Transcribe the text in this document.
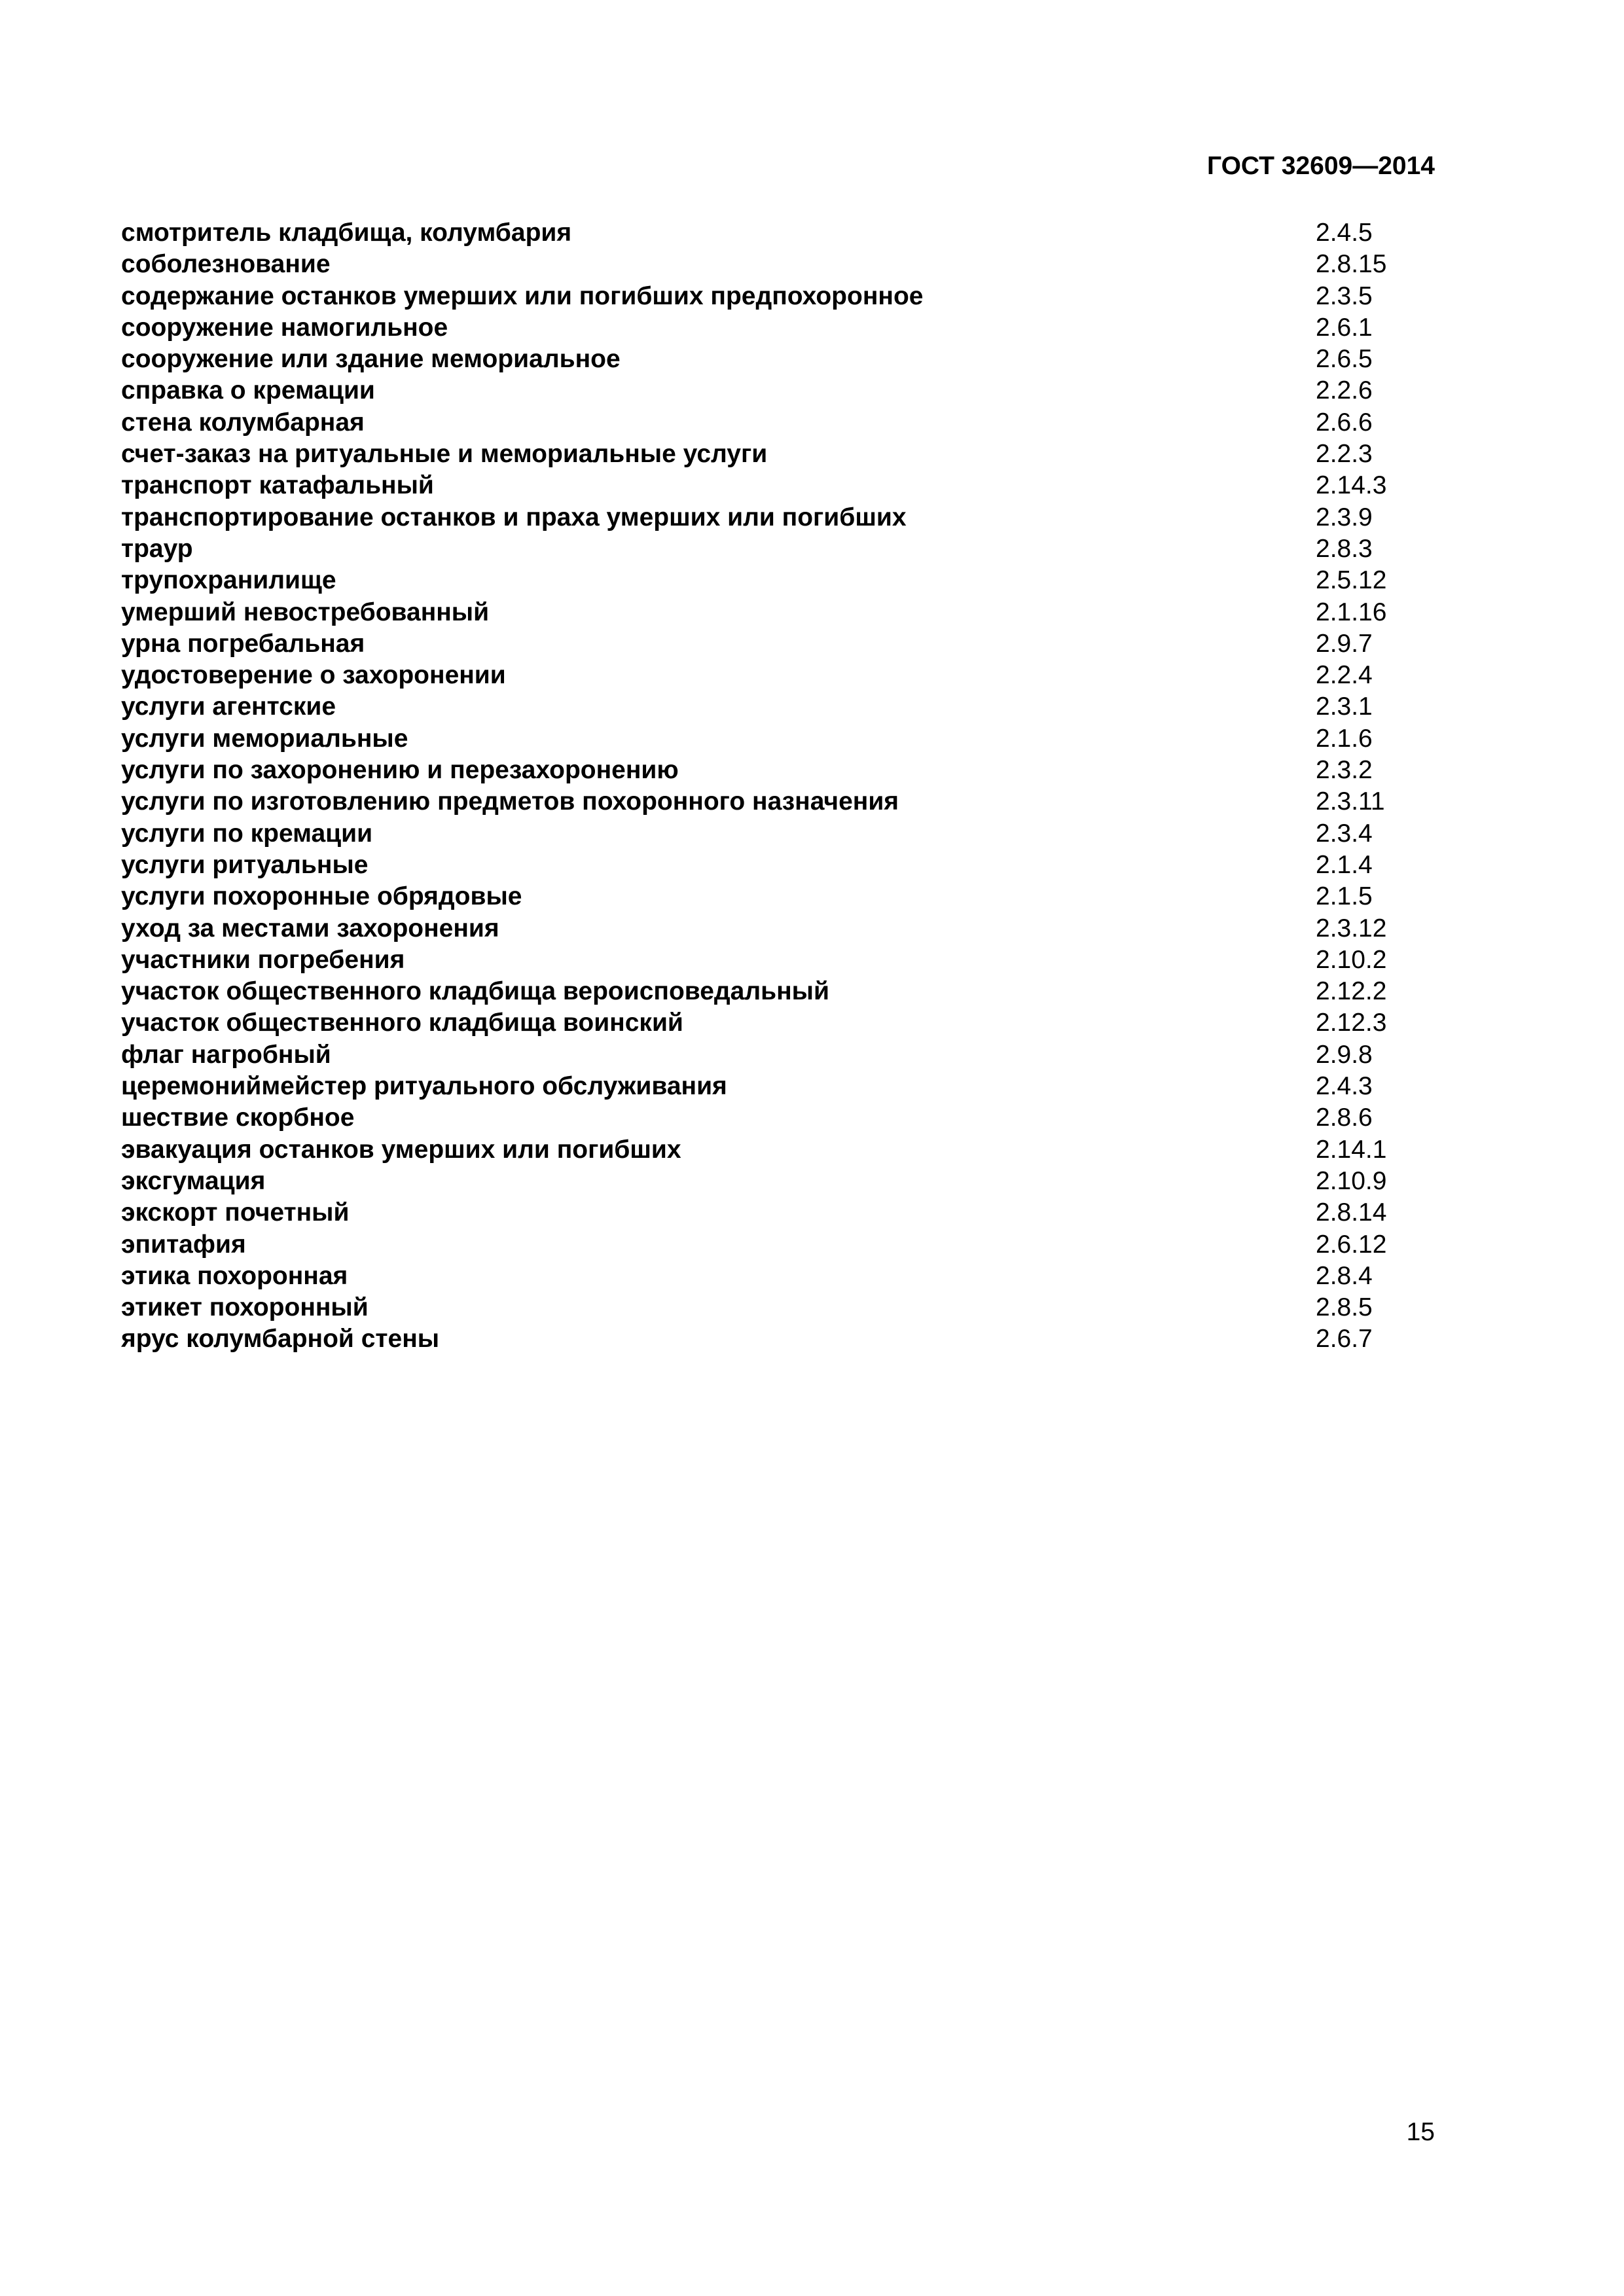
ГОСТ 32609—2014
смотритель кладбища, колумбария	2.4.5
соболезнование	2.8.15
содержание останков умерших или погибших предпохоронное	2.3.5
сооружение намогильное	2.6.1
сооружение или здание мемориальное	2.6.5
справка о кремации	2.2.6
стена колумбарная	2.6.6
счет-заказ на ритуальные и мемориальные услуги	2.2.3
транспорт катафальный	2.14.3
транспортирование останков и праха умерших или погибших	2.3.9
траур	2.8.3
трупохранилище	2.5.12
умерший невостребованный	2.1.16
урна погребальная	2.9.7
удостоверение о захоронении	2.2.4
услуги агентские	2.3.1
услуги мемориальные	2.1.6
услуги по захоронению и перезахоронению	2.3.2
услуги по изготовлению предметов похоронного назначения	2.3.11
услуги по кремации	2.3.4
услуги ритуальные	2.1.4
услуги похоронные обрядовые	2.1.5
уход за местами захоронения	2.3.12
участники погребения	2.10.2
участок общественного кладбища вероисповедальный	2.12.2
участок общественного кладбища воинский	2.12.3
флаг нагробный	2.9.8
церемониймейстер ритуального обслуживания	2.4.3
шествие скорбное	2.8.6
эвакуация останков умерших или погибших	2.14.1
эксгумация	2.10.9
экскорт почетный	2.8.14
эпитафия	2.6.12
этика похоронная	2.8.4
этикет похоронный	2.8.5
ярус колумбарной стены	2.6.7
15
